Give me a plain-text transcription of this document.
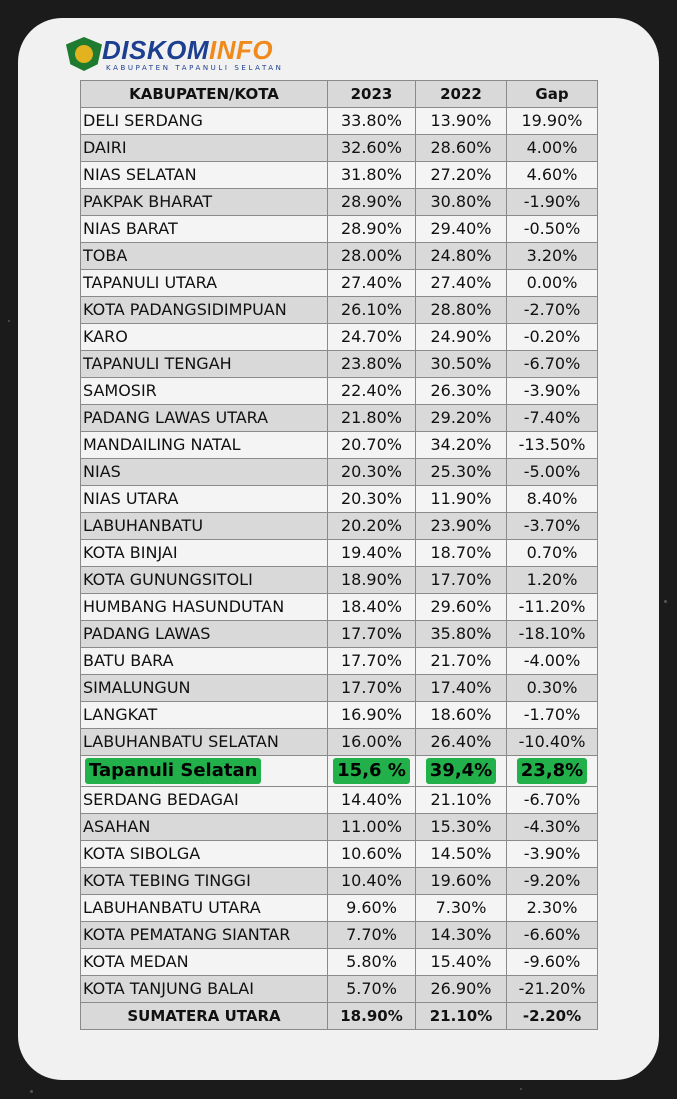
DISKOMINFO
KABUPATEN TAPANULI SELATAN
KABUPATEN/KOTA	2023	2022	Gap
DELI SERDANG	33.80%	13.90%	19.90%
DAIRI	32.60%	28.60%	4.00%
NIAS SELATAN	31.80%	27.20%	4.60%
PAKPAK BHARAT	28.90%	30.80%	-1.90%
NIAS BARAT	28.90%	29.40%	-0.50%
TOBA	28.00%	24.80%	3.20%
TAPANULI UTARA	27.40%	27.40%	0.00%
KOTA PADANGSIDIMPUAN	26.10%	28.80%	-2.70%
KARO	24.70%	24.90%	-0.20%
TAPANULI TENGAH	23.80%	30.50%	-6.70%
SAMOSIR	22.40%	26.30%	-3.90%
PADANG LAWAS UTARA	21.80%	29.20%	-7.40%
MANDAILING NATAL	20.70%	34.20%	-13.50%
NIAS	20.30%	25.30%	-5.00%
NIAS UTARA	20.30%	11.90%	8.40%
LABUHANBATU	20.20%	23.90%	-3.70%
KOTA BINJAI	19.40%	18.70%	0.70%
KOTA GUNUNGSITOLI	18.90%	17.70%	1.20%
HUMBANG HASUNDUTAN	18.40%	29.60%	-11.20%
PADANG LAWAS	17.70%	35.80%	-18.10%
BATU BARA	17.70%	21.70%	-4.00%
SIMALUNGUN	17.70%	17.40%	0.30%
LANGKAT	16.90%	18.60%	-1.70%
LABUHANBATU SELATAN	16.00%	26.40%	-10.40%
Tapanuli Selatan	15,6 %	39,4%	23,8%
SERDANG BEDAGAI	14.40%	21.10%	-6.70%
ASAHAN	11.00%	15.30%	-4.30%
KOTA SIBOLGA	10.60%	14.50%	-3.90%
KOTA TEBING TINGGI	10.40%	19.60%	-9.20%
LABUHANBATU UTARA	9.60%	7.30%	2.30%
KOTA PEMATANG SIANTAR	7.70%	14.30%	-6.60%
KOTA MEDAN	5.80%	15.40%	-9.60%
KOTA TANJUNG BALAI	5.70%	26.90%	-21.20%
SUMATERA UTARA	18.90%	21.10%	-2.20%
